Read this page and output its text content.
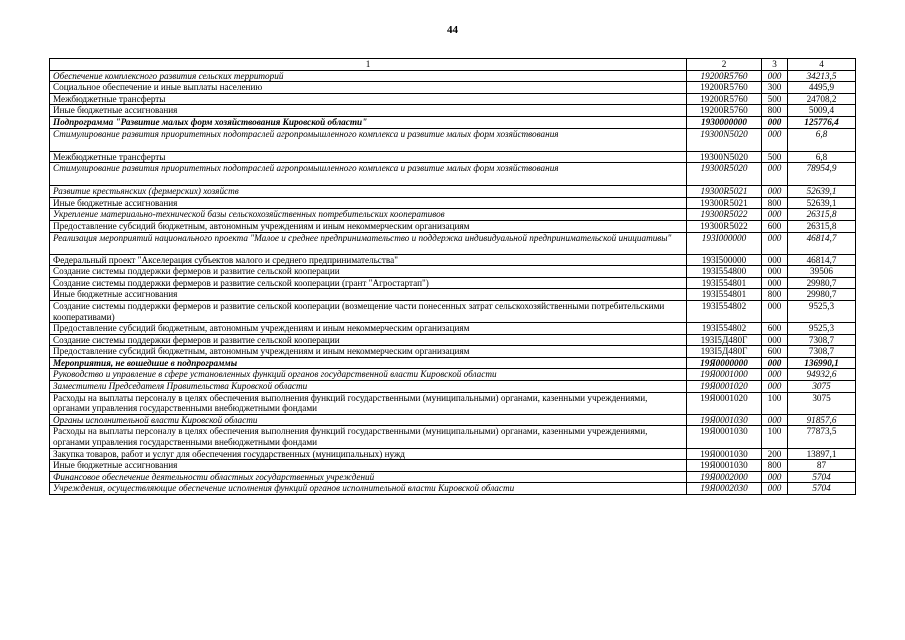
44
1	2	3	4
Обеспечение комплексного развития сельских территорий	19200R5760	000	34213,5
Социальное обеспечение и иные выплаты населению	19200R5760	300	4495,9
Межбюджетные трансферты	19200R5760	500	24708,2
Иные бюджетные ассигнования	19200R5760	800	5009,4
Подпрограмма "Развитие малых форм хозяйствования Кировской области"	1930000000	000	125776,4
Стимулирование развития приоритетных подотраслей агропромышленного комплекса и развитие малых форм хозяйствования	19300N5020	000	6,8
Межбюджетные трансферты	19300N5020	500	6,8
Стимулирование развития приоритетных подотраслей агропромышленного комплекса и развитие малых форм хозяйствования	19300R5020	000	78954,9
Развитие крестьянских (фермерских) хозяйств	19300R5021	000	52639,1
Иные бюджетные ассигнования	19300R5021	800	52639,1
Укрепление материально-технической базы сельскохозяйственных потребительских кооперативов	19300R5022	000	26315,8
Предоставление субсидий бюджетным, автономным учреждениям и иным некоммерческим организациям	19300R5022	600	26315,8
Реализация мероприятий национального проекта "Малое и среднее предпринимательство и поддержка индивидуальной предпринимательской инициативы"	193I000000	000	46814,7
Федеральный проект "Акселерация субъектов малого и среднего предпринимательства"	193I500000	000	46814,7
Создание системы поддержки фермеров и развитие сельской кооперации	193I554800	000	39506
Создание системы поддержки фермеров и развитие сельской кооперации (грант "Агростартап")	193I554801	000	29980,7
Иные бюджетные ассигнования	193I554801	800	29980,7
Создание системы поддержки фермеров и развитие сельской кооперации (возмещение части понесенных затрат сельскохозяйственными потребительскими кооперативами)	193I554802	000	9525,3
Предоставление субсидий бюджетным, автономным учреждениям и иным некоммерческим организациям	193I554802	600	9525,3
Создание системы поддержки фермеров и развитие сельской кооперации	193I5Д480Г	000	7308,7
Предоставление субсидий бюджетным, автономным учреждениям и иным некоммерческим организациям	193I5Д480Г	600	7308,7
Мероприятия, не вошедшие в подпрограммы	19Я0000000	000	136990,1
Руководство и управление в сфере установленных функций органов государственной власти Кировской области	19Я0001000	000	94932,6
Заместители Председателя Правительства Кировской области	19Я0001020	000	3075
Расходы на выплаты персоналу в целях обеспечения выполнения функций государственными (муниципальными) органами, казенными учреждениями, органами управления государственными внебюджетными фондами	19Я0001020	100	3075
Органы исполнительной власти Кировской области	19Я0001030	000	91857,6
Расходы на выплаты персоналу в целях обеспечения выполнения функций государственными (муниципальными) органами, казенными учреждениями, органами управления государственными внебюджетными фондами	19Я0001030	100	77873,5
Закупка товаров, работ и услуг для обеспечения государственных (муниципальных) нужд	19Я0001030	200	13897,1
Иные бюджетные ассигнования	19Я0001030	800	87
Финансовое обеспечение деятельности областных государственных учреждений	19Я0002000	000	5704
Учреждения, осуществляющие обеспечение исполнения функций органов исполнительной власти Кировской области	19Я0002030	000	5704
